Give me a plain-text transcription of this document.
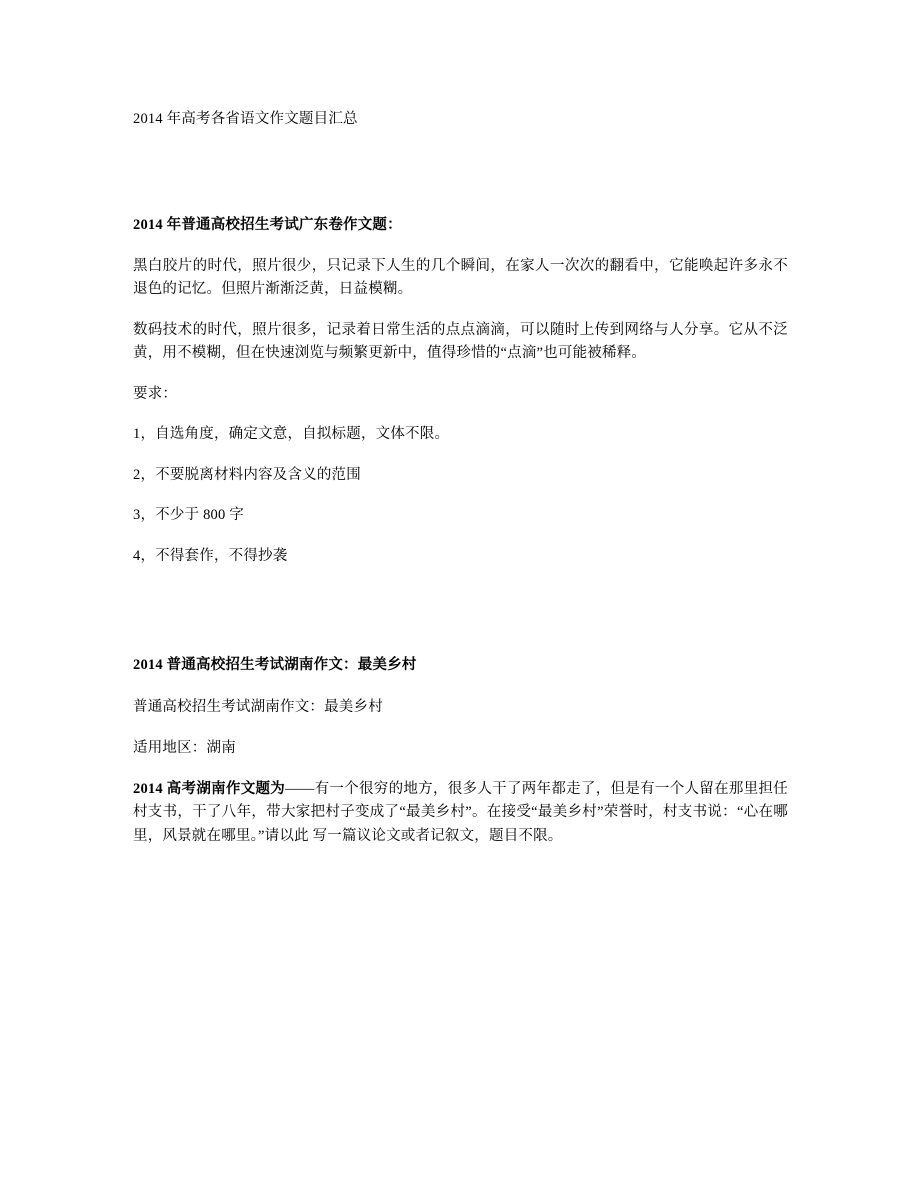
2014 年高考各省语文作文题目汇总

2014 年普通高校招生考试广东卷作文题：

黑白胶片的时代，照片很少，只记录下人生的几个瞬间，在家人一次次的翻看中，它能唤起许多永不退色的记忆。但照片渐渐泛黄，日益模糊。

数码技术的时代，照片很多，记录着日常生活的点点滴滴，可以随时上传到网络与人分享。它从不泛黄，用不模糊，但在快速浏览与频繁更新中，值得珍惜的“点滴”也可能被稀释。

要求：

1，自选角度，确定文意，自拟标题，文体不限。

2，不要脱离材料内容及含义的范围

3，不少于 800 字

4，不得套作，不得抄袭

2014 普通高校招生考试湖南作文：最美乡村

普通高校招生考试湖南作文：最美乡村

适用地区：湖南

2014 高考湖南作文题为——有一个很穷的地方，很多人干了两年都走了，但是有一个人留在那里担任村支书，干了八年，带大家把村子变成了“最美乡村”。在接受“最美乡村”荣誉时，村支书说：“心在哪里，风景就在哪里。”请以此 写一篇议论文或者记叙文，题目不限。
